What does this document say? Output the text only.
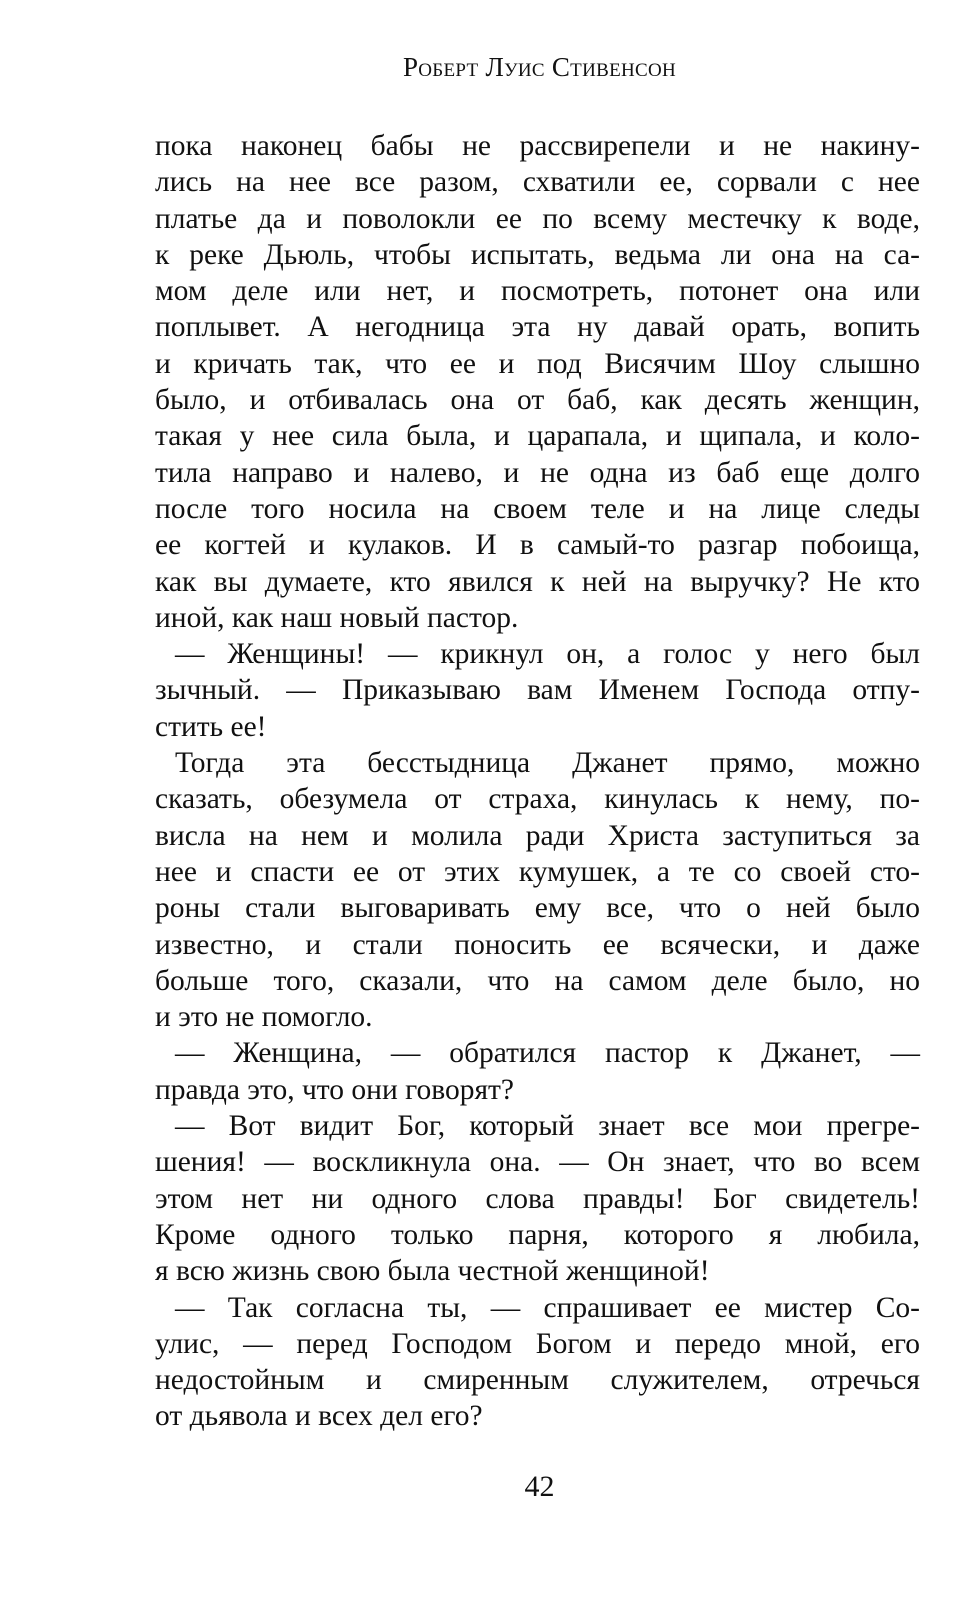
Роберт Луис Стивенсон
пока наконец бабы не рассвирепели и не накину-
лись на нее все разом, схватили ее, сорвали с нее
платье да и поволокли ее по всему местечку к воде,
к реке Дьюль, чтобы испытать, ведьма ли она на са-
мом деле или нет, и посмотреть, потонет она или
поплывет. А негодница эта ну давай орать, вопить
и кричать так, что ее и под Висячим Шоу слышно
было, и отбивалась она от баб, как десять женщин,
такая у нее сила была, и царапала, и щипала, и коло-
тила направо и налево, и не одна из баб еще долго
после того носила на своем теле и на лице следы
ее когтей и кулаков. И в самый-то разгар побоища,
как вы думаете, кто явился к ней на выручку? Не кто
иной, как наш новый пастор.
— Женщины! — крикнул он, а голос у него был
зычный. — Приказываю вам Именем Господа отпу-
стить ее!
Тогда эта бесстыдница Джанет прямо, можно
сказать, обезумела от страха, кинулась к нему, по-
висла на нем и молила ради Христа заступиться за
нее и спасти ее от этих кумушек, а те со своей сто-
роны стали выговаривать ему все, что о ней было
известно, и стали поносить ее всячески, и даже
больше того, сказали, что на самом деле было, но
и это не помогло.
— Женщина, — обратился пастор к Джанет, —
правда это, что они говорят?
— Вот видит Бог, который знает все мои прегре-
шения! — воскликнула она. — Он знает, что во всем
этом нет ни одного слова правды! Бог свидетель!
Кроме одного только парня, которого я любила,
я всю жизнь свою была честной женщиной!
— Так согласна ты, — спрашивает ее мистер Со-
улис, — перед Господом Богом и передо мной, его
недостойным и смиренным служителем, отречься
от дьявола и всех дел его?
42
